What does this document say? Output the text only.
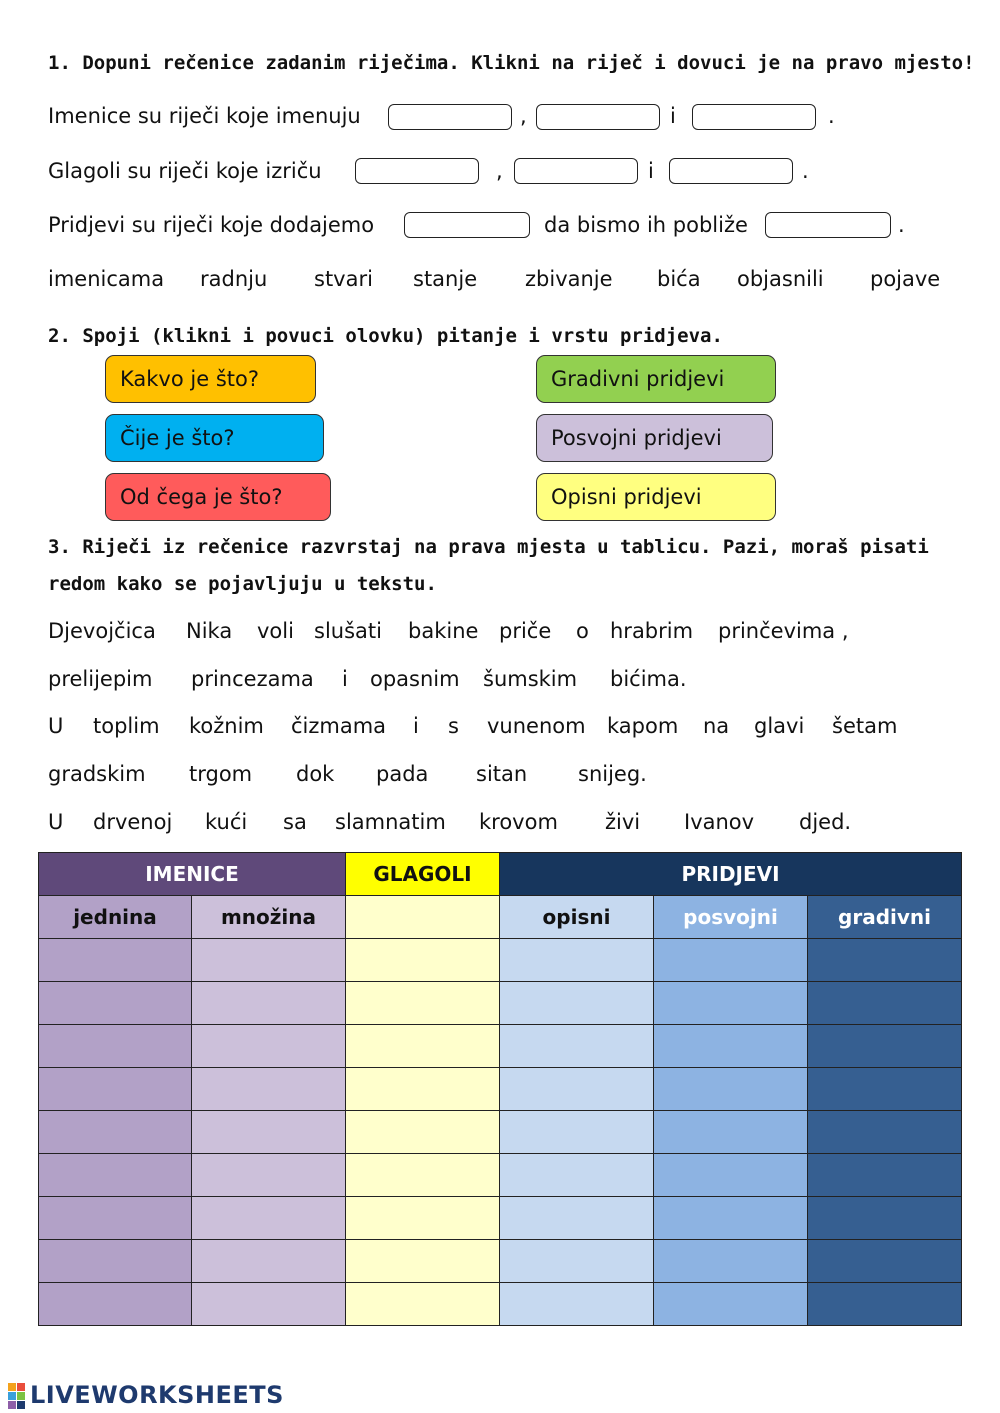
1. Dopuni rečenice zadanim riječima. Klikni na riječ i dovuci je na pravo mjesto!
Imenice su riječi koje imenuju	,	i	.
Glagoli su riječi koje izriču	,	i	.
Pridjevi su riječi koje dodajemo	da bismo ih pobliže	.
imenicama radnju stvari stanje zbivanje bića objasnili pojave
2. Spoji (klikni i povuci olovku) pitanje i vrstu pridjeva.
Kakvo je što?
Čije je što?
Od čega je što?
Gradivni pridjevi
Posvojni pridjevi
Opisni pridjevi
3. Riječi iz rečenice razvrstaj na prava mjesta u tablicu. Pazi, moraš pisati
redom kako se pojavljuju u tekstu.
Djevojčica Nika voli slušati bakine priče o hrabrim prinčevima ,
prelijepim princezama i opasnim šumskim bićima.
U toplim kožnim čizmama i s vunenom kapom na glavi šetam
gradskim trgom dok pada sitan snijeg.
U drvenoj kući sa slamnatim krovom živi Ivanov djed.
IMENICE		GLAGOLI	PRIDJEVI		
jednina	množina		opisni	posvojni	gradivni

LIVEWORKSHEETS
